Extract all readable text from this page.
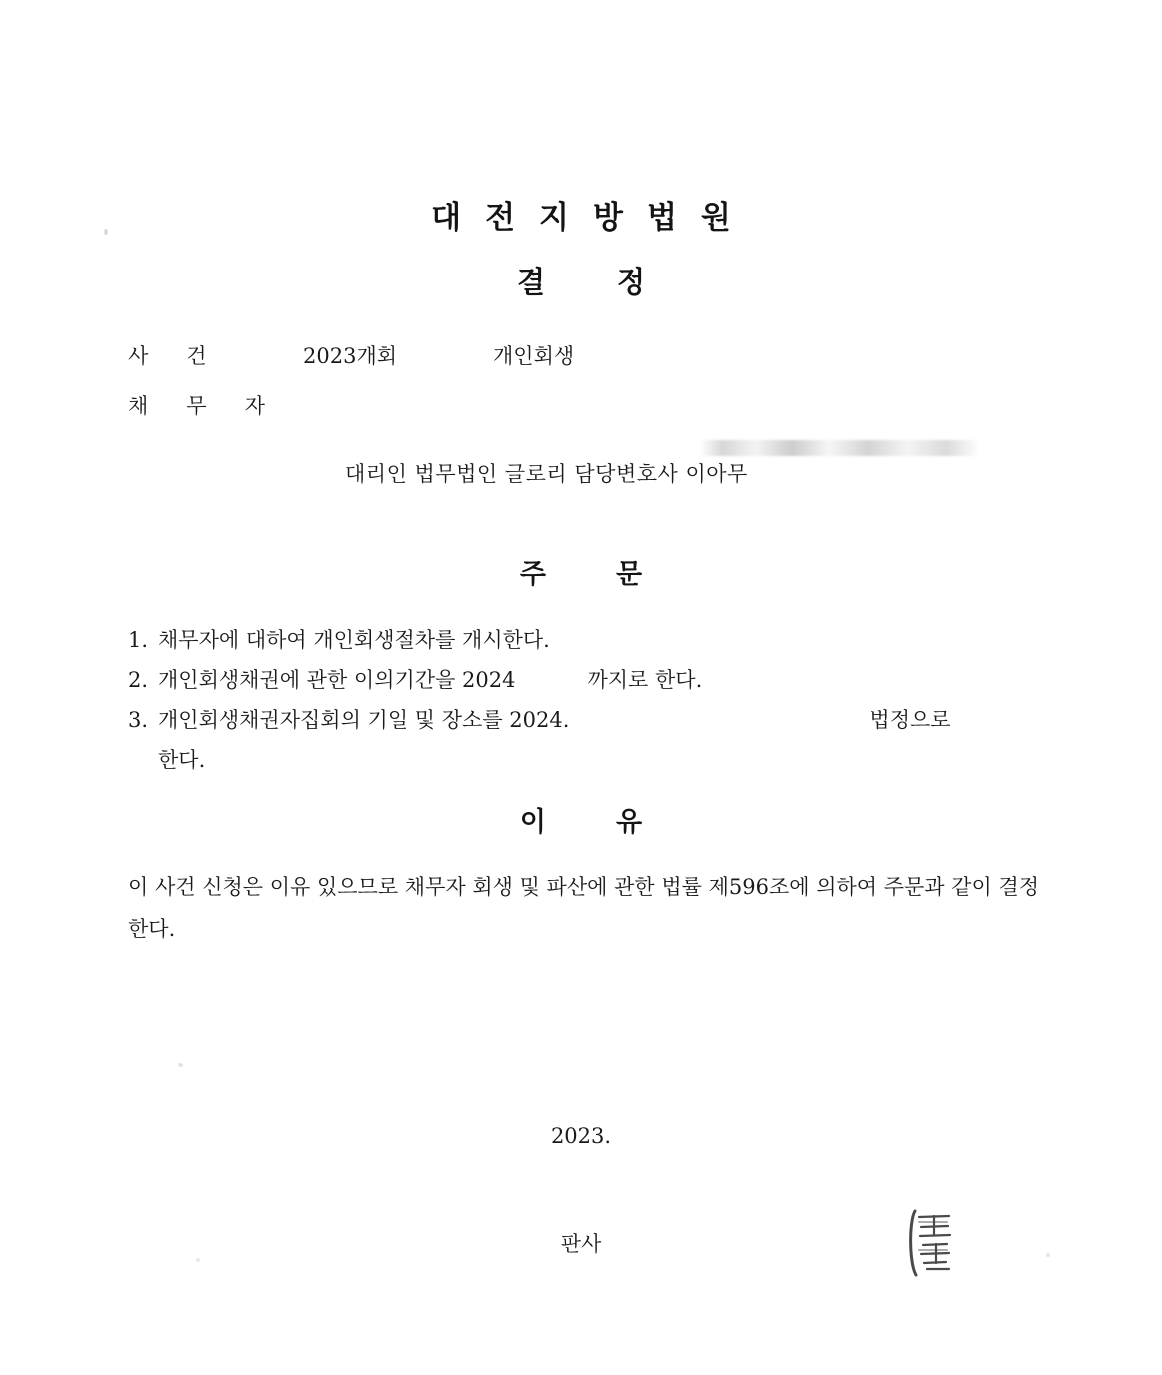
대전지방법원
결정
사건	2023개회	개인회생
채무자
대리인 법무법인 글로리 담당변호사 이아무
주문
1. 채무자에 대하여 개인회생절차를 개시한다.
2. 개인회생채권에 관한 이의기간을 2024	까지로 한다.
3. 개인회생채권자집회의 기일 및 장소를 2024.	법정으로
한다.
이유
이 사건 신청은 이유 있으므로 채무자 회생 및 파산에 관한 법률 제596조에 의하여 주문과 같이 결정한다.
2023.
판사
